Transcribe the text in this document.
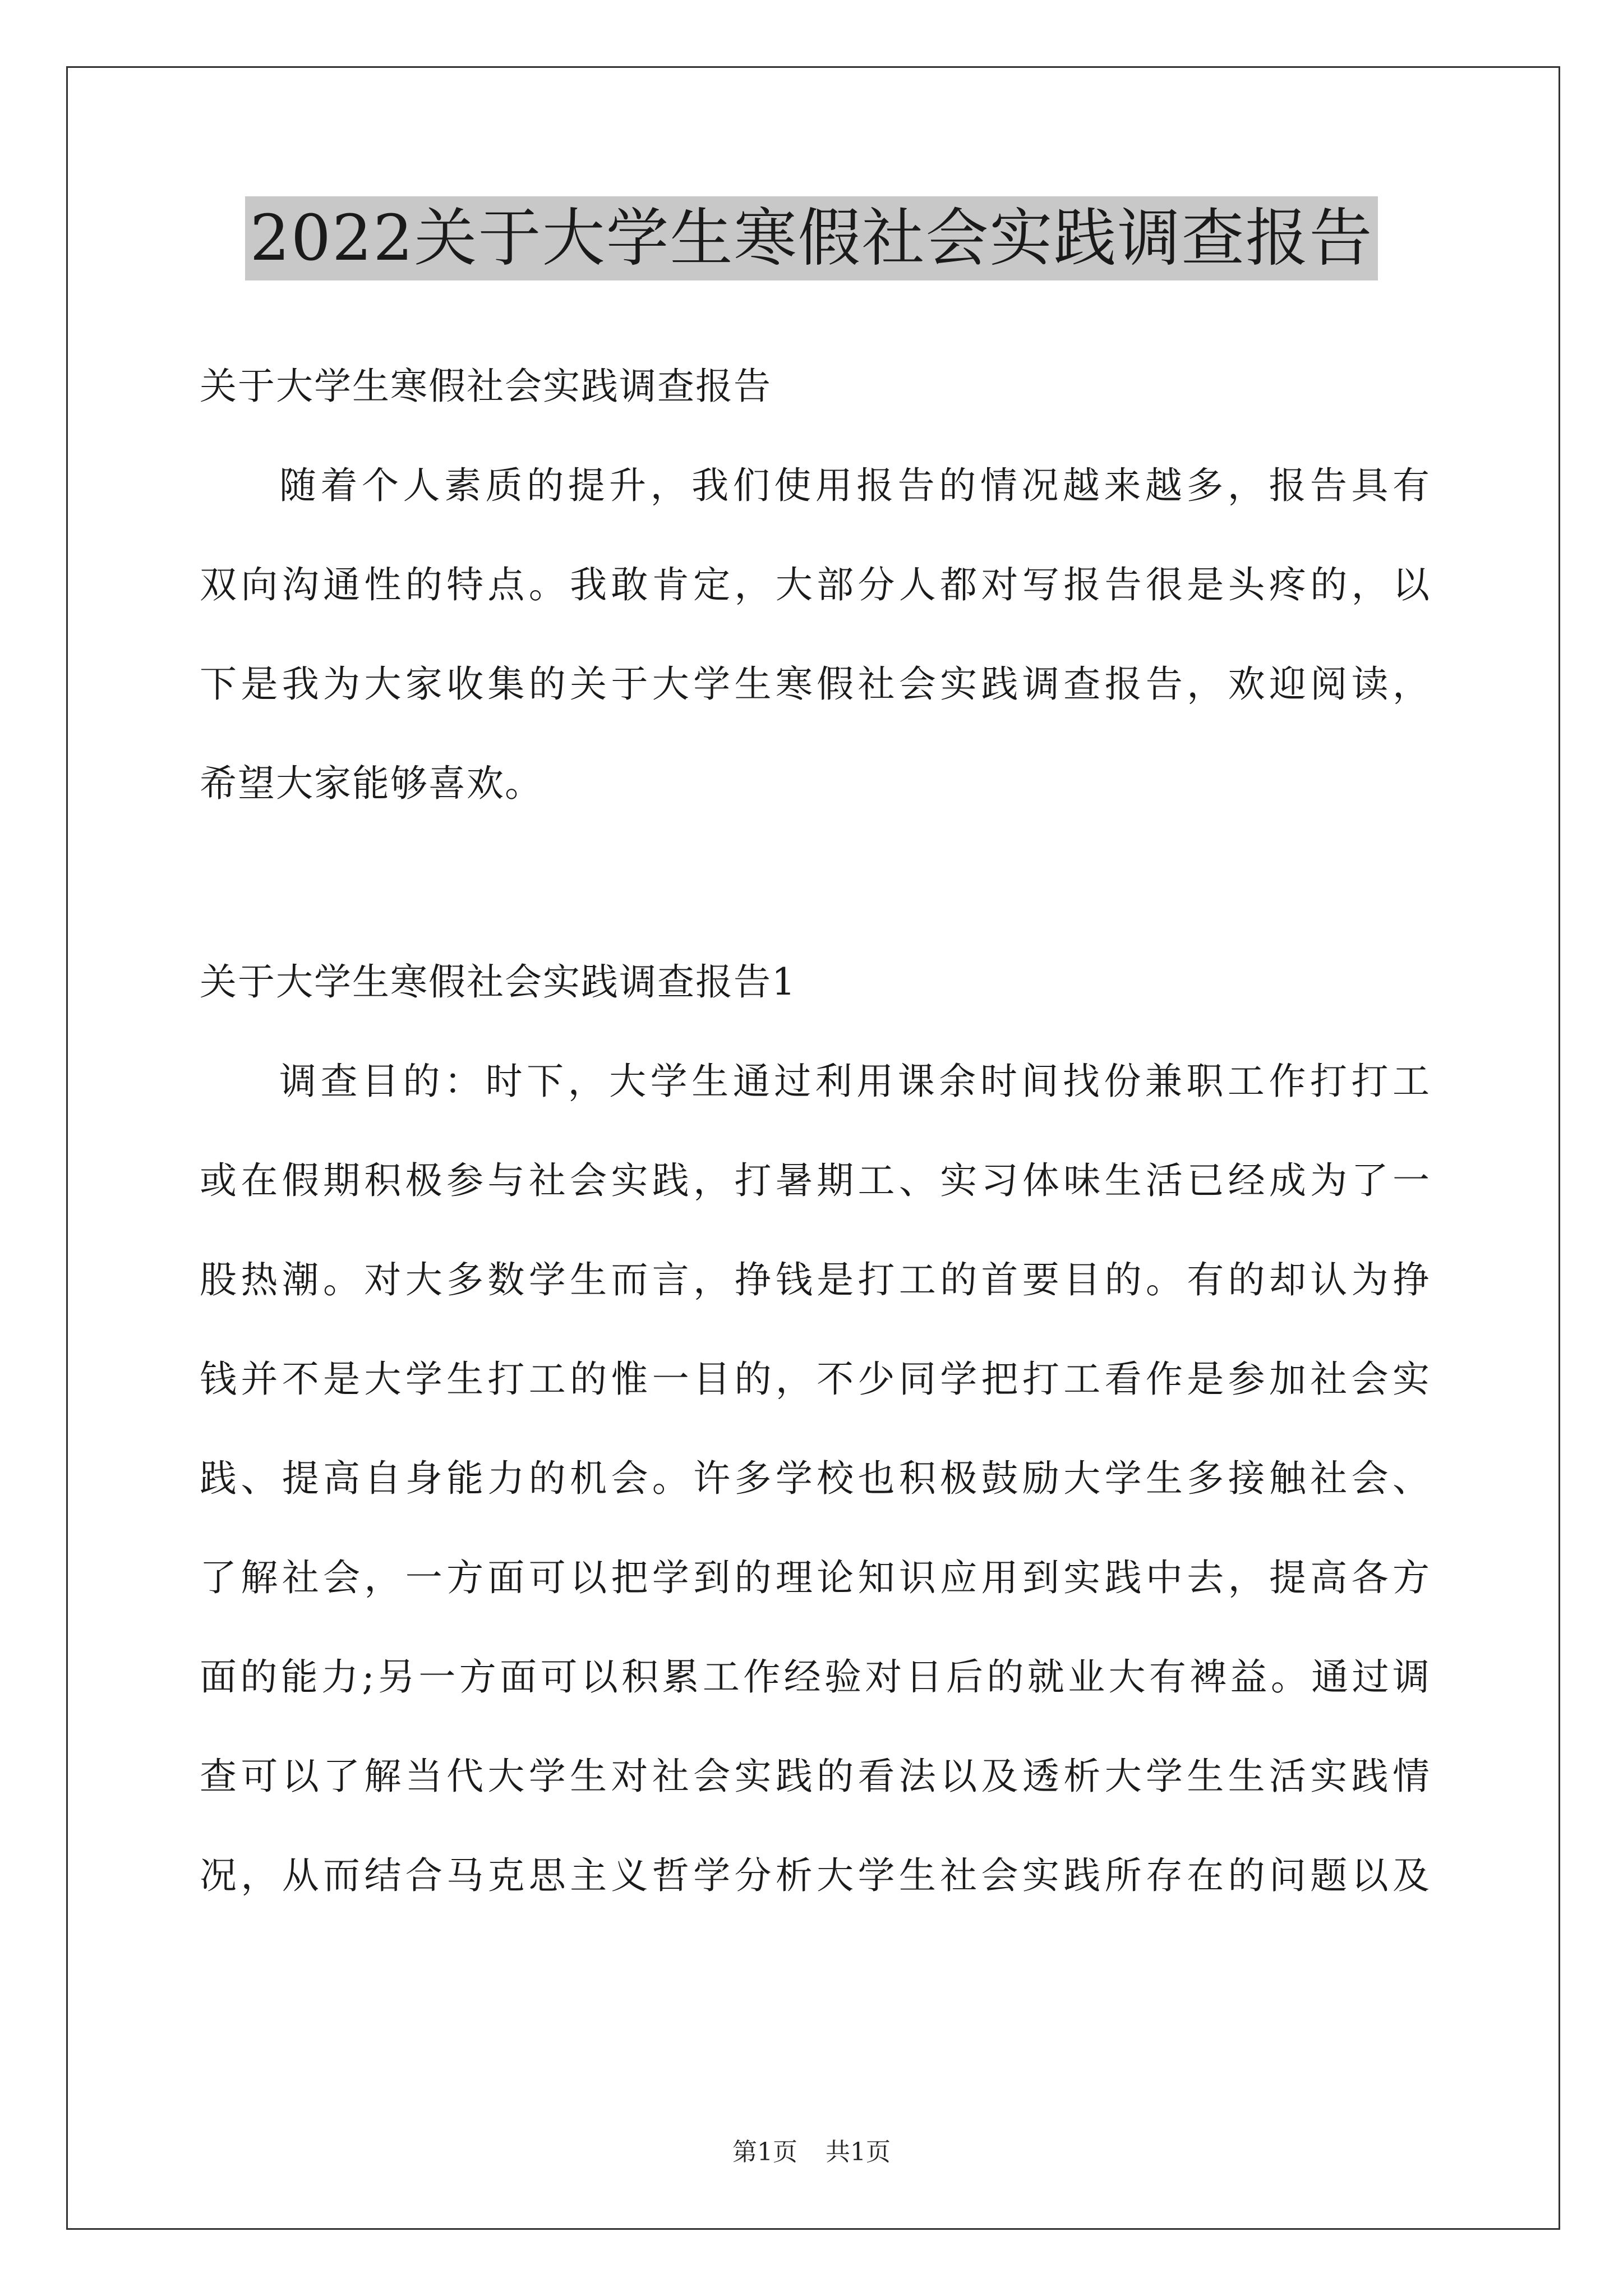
2022关于大学生寒假社会实践调查报告
关于大学生寒假社会实践调查报告
随着个人素质的提升，我们使用报告的情况越来越多，报告具有
双向沟通性的特点。我敢肯定，大部分人都对写报告很是头疼的，以
下是我为大家收集的关于大学生寒假社会实践调查报告，欢迎阅读，
希望大家能够喜欢。
关于大学生寒假社会实践调查报告1
调查目的：时下，大学生通过利用课余时间找份兼职工作打打工
或在假期积极参与社会实践，打暑期工、实习体味生活已经成为了一
股热潮。对大多数学生而言，挣钱是打工的首要目的。有的却认为挣
钱并不是大学生打工的惟一目的，不少同学把打工看作是参加社会实
践、提高自身能力的机会。许多学校也积极鼓励大学生多接触社会、
了解社会，一方面可以把学到的理论知识应用到实践中去，提高各方
面的能力;另一方面可以积累工作经验对日后的就业大有裨益。通过调
查可以了解当代大学生对社会实践的看法以及透析大学生生活实践情
况，从而结合马克思主义哲学分析大学生社会实践所存在的问题以及
第1页 共1页
